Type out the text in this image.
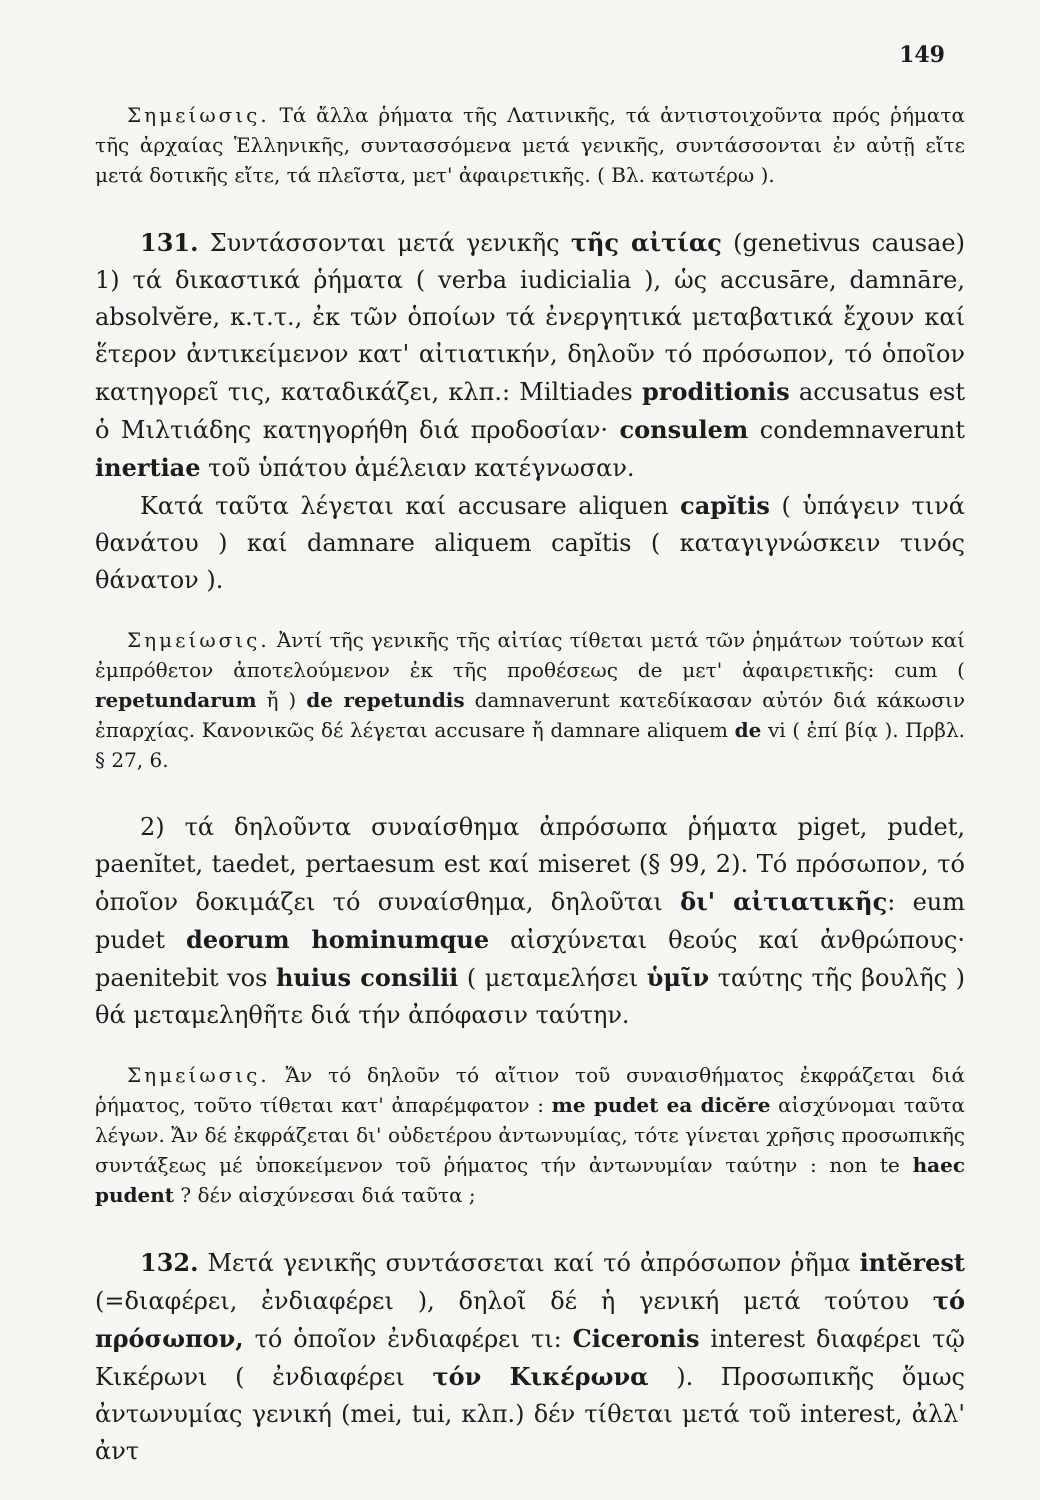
149

Σημείωσις. Τά ἄλλα ῥήματα τῆς Λατινικῆς, τά ἀντιστοιχοῦντα πρός ῥήματα τῆς ἀρχαίας Ἑλληνικῆς, συντασσόμενα μετά γενικῆς, συντάσσονται ἐν αὐτῇ εἴτε μετά δοτικῆς εἴτε, τά πλεῖστα, μετ' ἀφαιρετικῆς. ( Βλ. κατωτέρω ).

131. Συντάσσονται μετά γενικῆς τῆς αἰτίας (genetivus causae) 1) τά δικαστικά ῥήματα ( verba iudicialia ), ὡς accusāre, damnāre, absolvĕre, κ.τ.τ., ἐκ τῶν ὁποίων τά ἐνεργητικά μεταβατικά ἔχουν καί ἕτερον ἀντικείμενον κατ' αἰτιατικήν, δηλοῦν τό πρόσωπον, τό ὁποῖον κατηγορεῖ τις, καταδικάζει, κλπ.: Miltiades proditionis accusatus est ὁ Μιλτιάδης κατηγορήθη διά προδοσίαν· consulem condemnaverunt inertiae τοῦ ὑπάτου ἀμέλειαν κατέγνωσαν.

Κατά ταῦτα λέγεται καί accusare aliquen capĭtis ( ὑπάγειν τινά θανάτου ) καί damnare aliquem capĭtis ( καταγιγνώσκειν τινός θάνατον ).

Σημείωσις. Ἀντί τῆς γενικῆς τῆς αἰτίας τίθεται μετά τῶν ῥημάτων τούτων καί ἐμπρόθετον ἀποτελούμενον ἐκ τῆς προθέσεως de μετ' ἀφαιρετικῆς: cum ( repetundarum ἤ ) de repetundis damnaverunt κατεδίκασαν αὐτόν διά κάκωσιν ἐπαρχίας. Κανονικῶς δέ λέγεται accusare ἤ damnare aliquem de vi ( ἐπί βίᾳ ). Πρβλ. § 27, 6.

2) τά δηλοῦντα συναίσθημα ἀπρόσωπα ῥήματα piget, pudet, paenĭtet, taedet, pertaesum est καί miseret (§ 99, 2). Τό πρόσωπον, τό ὁποῖον δοκιμάζει τό συναίσθημα, δηλοῦται δι' αἰτιατικῆς: eum pudet deorum hominumque αἰσχύνεται θεούς καί ἀνθρώπους· paenitebit vos huius consilii ( μεταμελήσει ὑμῖν ταύτης τῆς βουλῆς ) θά μεταμεληθῆτε διά τήν ἀπόφασιν ταύτην.

Σημείωσις. Ἄν τό δηλοῦν τό αἴτιον τοῦ συναισθήματος ἐκφράζεται διά ῥήματος, τοῦτο τίθεται κατ' ἀπαρέμφατον : me pudet ea dicĕre αἰσχύνομαι ταῦτα λέγων. Ἄν δέ ἐκφράζεται δι' οὐδετέρου ἀντωνυμίας, τότε γίνεται χρῆσις προσωπικῆς συντάξεως μέ ὑποκείμενον τοῦ ῥήματος τήν ἀντωνυμίαν ταύτην : non te haec pudent ? δέν αἰσχύνεσαι διά ταῦτα ;

132. Μετά γενικῆς συντάσσεται καί τό ἀπρόσωπον ῥῆμα intĕrest (=διαφέρει, ἐνδιαφέρει ), δηλοῖ δέ ἡ γενική μετά τούτου τό πρόσωπον, τό ὁποῖον ἐνδιαφέρει τι: Ciceronis interest διαφέρει τῷ Κικέρωνι ( ἐνδιαφέρει τόν Κικέρωνα ). Προσωπικῆς ὅμως ἀντωνυμίας γενική (mei, tui, κλπ.) δέν τίθεται μετά τοῦ interest, ἀλλ' ἀντ
